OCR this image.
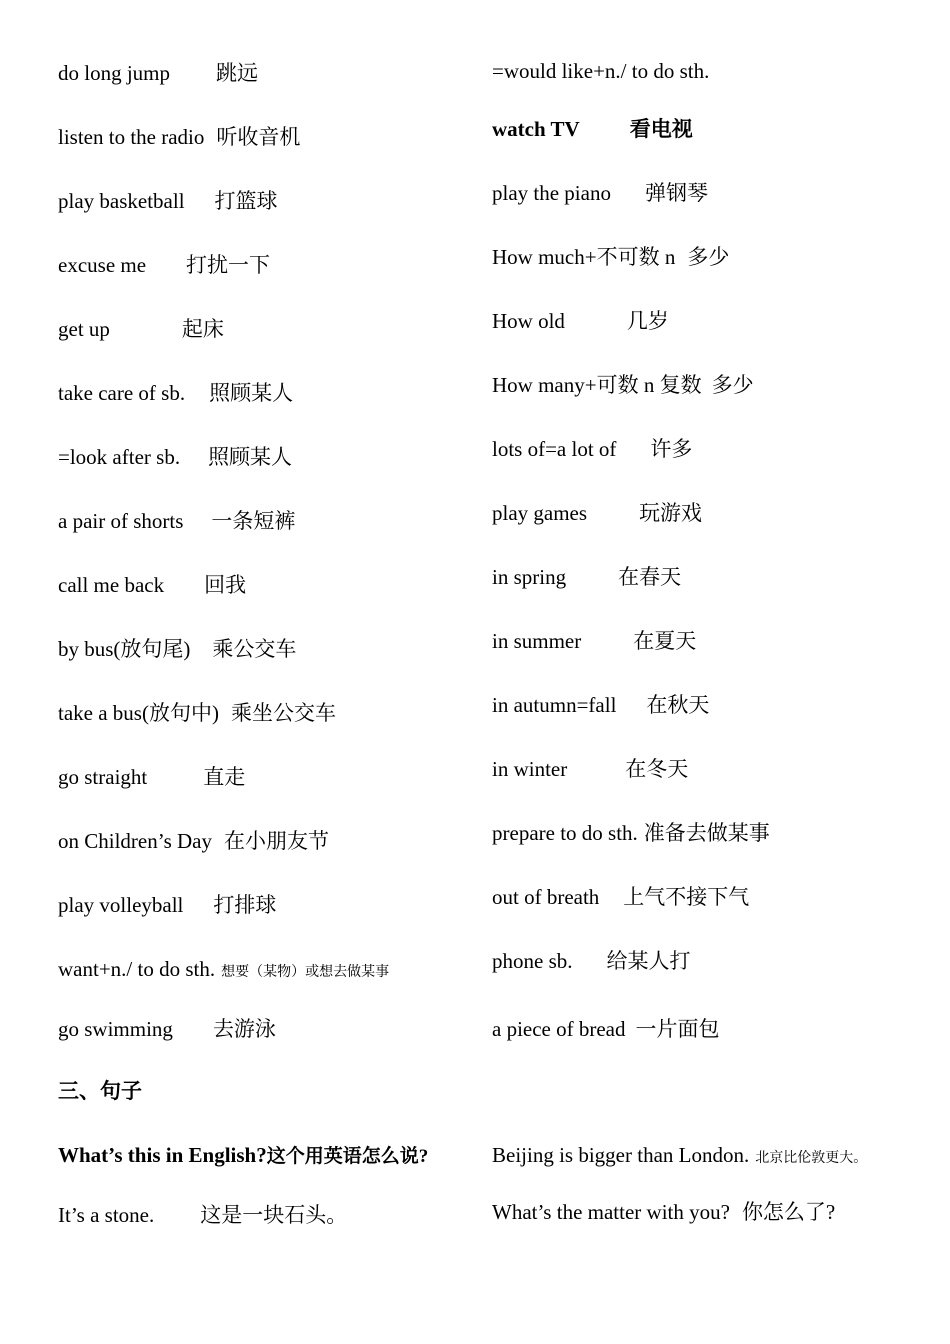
do long jump 跳远
listen to the radio 听收音机
play basketball 打篮球
excuse me 打扰一下
get up	起床
take care of sb. 照顾某人
=look after sb. 照顾某人
a pair of shorts 一条短裤
call me back 回我
by bus(放句尾) 乘公交车
take a bus(放句中) 乘坐公交车
go straight	直走
on Children’s Day 在小朋友节
play volleyball 打排球
want+n./ to do sth. 想要（某物）或想去做某事
go swimming 去游泳
=would like+n./ to do sth.
watch TV 看电视
play the piano 弹钢琴
How much+不可数 n 多少
How old	几岁
How many+可数 n 复数 多少
lots of=a lot of 许多
play games 玩游戏
in spring 在春天
in summer 在夏天
in autumn=fall 在秋天
in winter	在冬天
prepare to do sth. 准备去做某事
out of breath 上气不接下气
phone sb. 给某人打
a piece of bread 一片面包
三、句子
What’s this in English?这个用英语怎么说?
It’s a stone. 这是一块石头。
Beijing is bigger than London. 北京比伦敦更大。
What’s the matter with you? 你怎么了?
